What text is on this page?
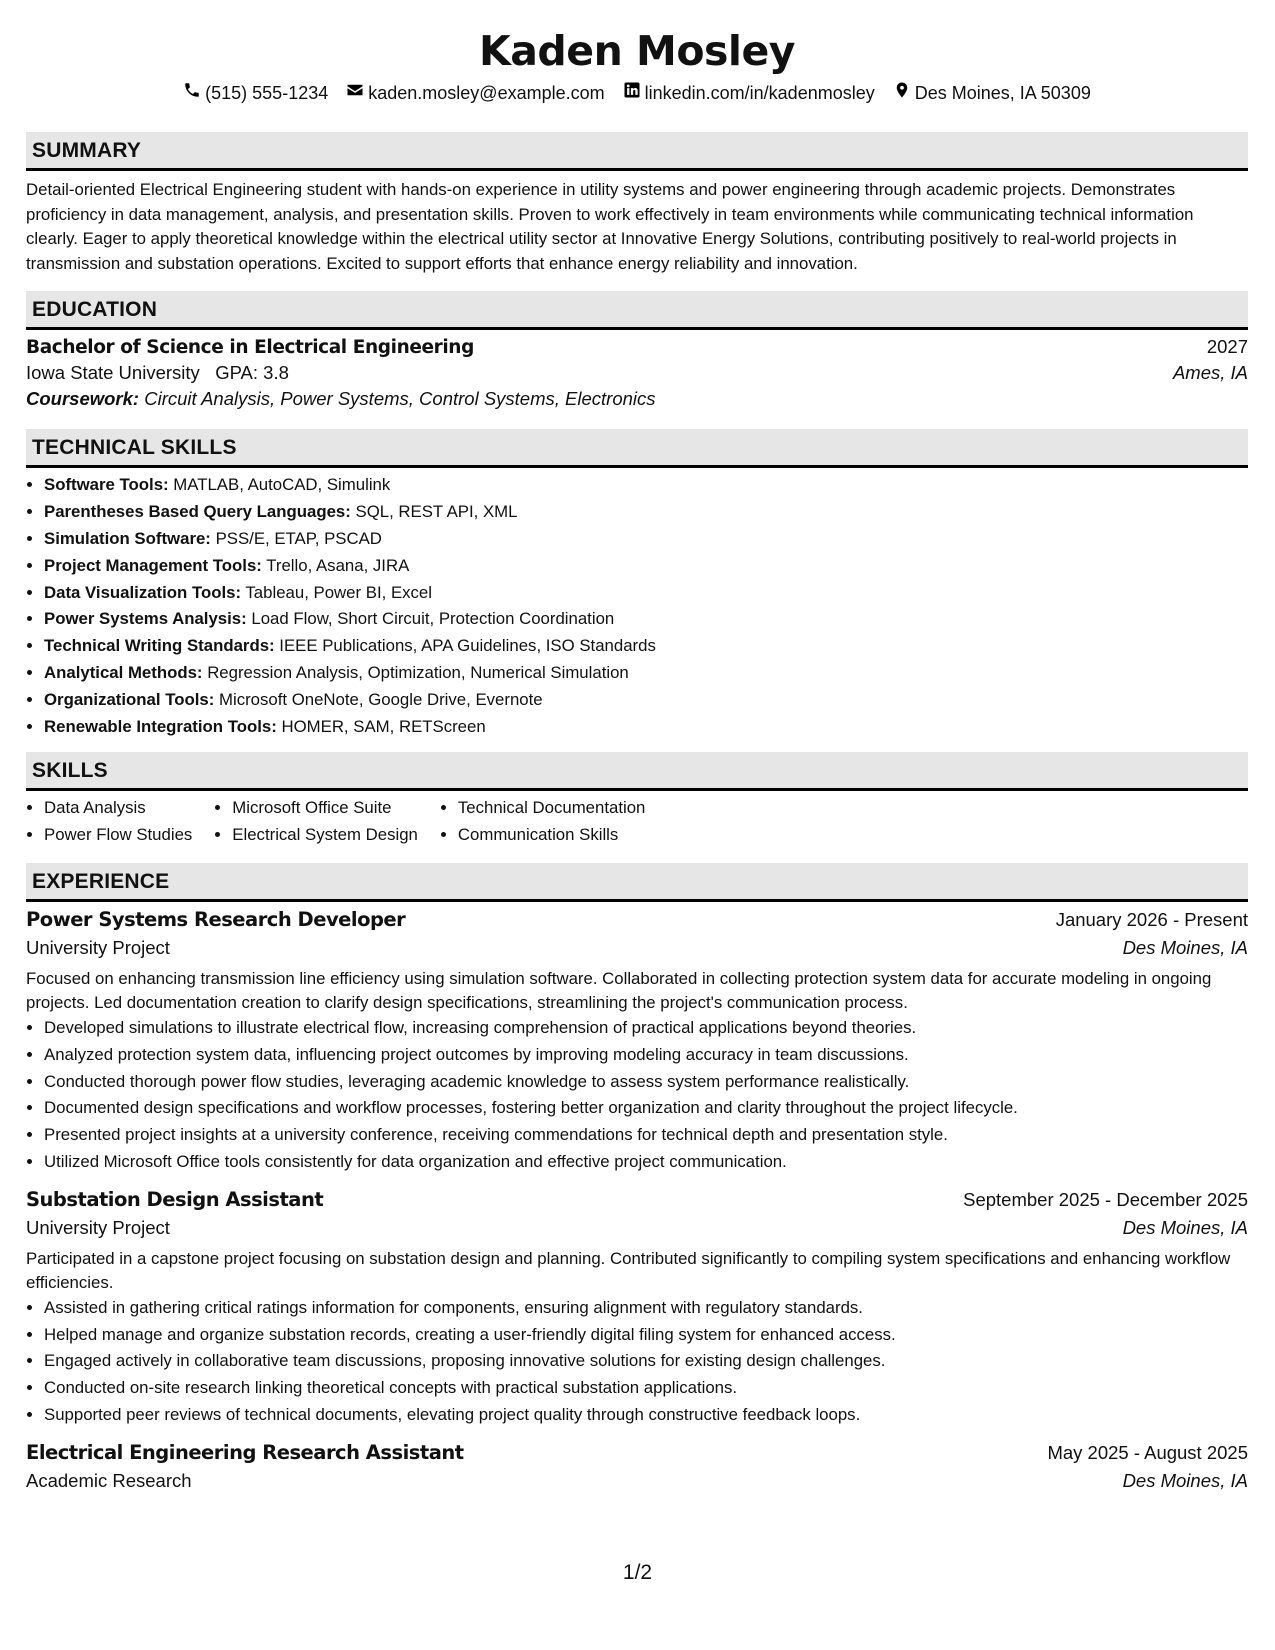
Kaden Mosley
(515) 555-1234 kaden.mosley@example.com linkedin.com/in/kadenmosley Des Moines, IA 50309
SUMMARY
Detail-oriented Electrical Engineering student with hands-on experience in utility systems and power engineering through academic projects. Demonstrates proficiency in data management, analysis, and presentation skills. Proven to work effectively in team environments while communicating technical information clearly. Eager to apply theoretical knowledge within the electrical utility sector at Innovative Energy Solutions, contributing positively to real-world projects in transmission and substation operations. Excited to support efforts that enhance energy reliability and innovation.
EDUCATION
Bachelor of Science in Electrical Engineering	2027
Iowa State University GPA: 3.8	Ames, IA
Coursework: Circuit Analysis, Power Systems, Control Systems, Electronics
TECHNICAL SKILLS
• Software Tools: MATLAB, AutoCAD, Simulink
• Parentheses Based Query Languages: SQL, REST API, XML
• Simulation Software: PSS/E, ETAP, PSCAD
• Project Management Tools: Trello, Asana, JIRA
• Data Visualization Tools: Tableau, Power BI, Excel
• Power Systems Analysis: Load Flow, Short Circuit, Protection Coordination
• Technical Writing Standards: IEEE Publications, APA Guidelines, ISO Standards
• Analytical Methods: Regression Analysis, Optimization, Numerical Simulation
• Organizational Tools: Microsoft OneNote, Google Drive, Evernote
• Renewable Integration Tools: HOMER, SAM, RETScreen
SKILLS
• Data Analysis
• Power Flow Studies
• Microsoft Office Suite
• Electrical System Design
• Technical Documentation
• Communication Skills
EXPERIENCE
Power Systems Research Developer	January 2026 - Present
University Project	Des Moines, IA
Focused on enhancing transmission line efficiency using simulation software. Collaborated in collecting protection system data for accurate modeling in ongoing projects. Led documentation creation to clarify design specifications, streamlining the project's communication process.
• Developed simulations to illustrate electrical flow, increasing comprehension of practical applications beyond theories.
• Analyzed protection system data, influencing project outcomes by improving modeling accuracy in team discussions.
• Conducted thorough power flow studies, leveraging academic knowledge to assess system performance realistically.
• Documented design specifications and workflow processes, fostering better organization and clarity throughout the project lifecycle.
• Presented project insights at a university conference, receiving commendations for technical depth and presentation style.
• Utilized Microsoft Office tools consistently for data organization and effective project communication.
Substation Design Assistant	September 2025 - December 2025
University Project	Des Moines, IA
Participated in a capstone project focusing on substation design and planning. Contributed significantly to compiling system specifications and enhancing workflow efficiencies.
• Assisted in gathering critical ratings information for components, ensuring alignment with regulatory standards.
• Helped manage and organize substation records, creating a user-friendly digital filing system for enhanced access.
• Engaged actively in collaborative team discussions, proposing innovative solutions for existing design challenges.
• Conducted on-site research linking theoretical concepts with practical substation applications.
• Supported peer reviews of technical documents, elevating project quality through constructive feedback loops.
Electrical Engineering Research Assistant	May 2025 - August 2025
Academic Research	Des Moines, IA
1/2
